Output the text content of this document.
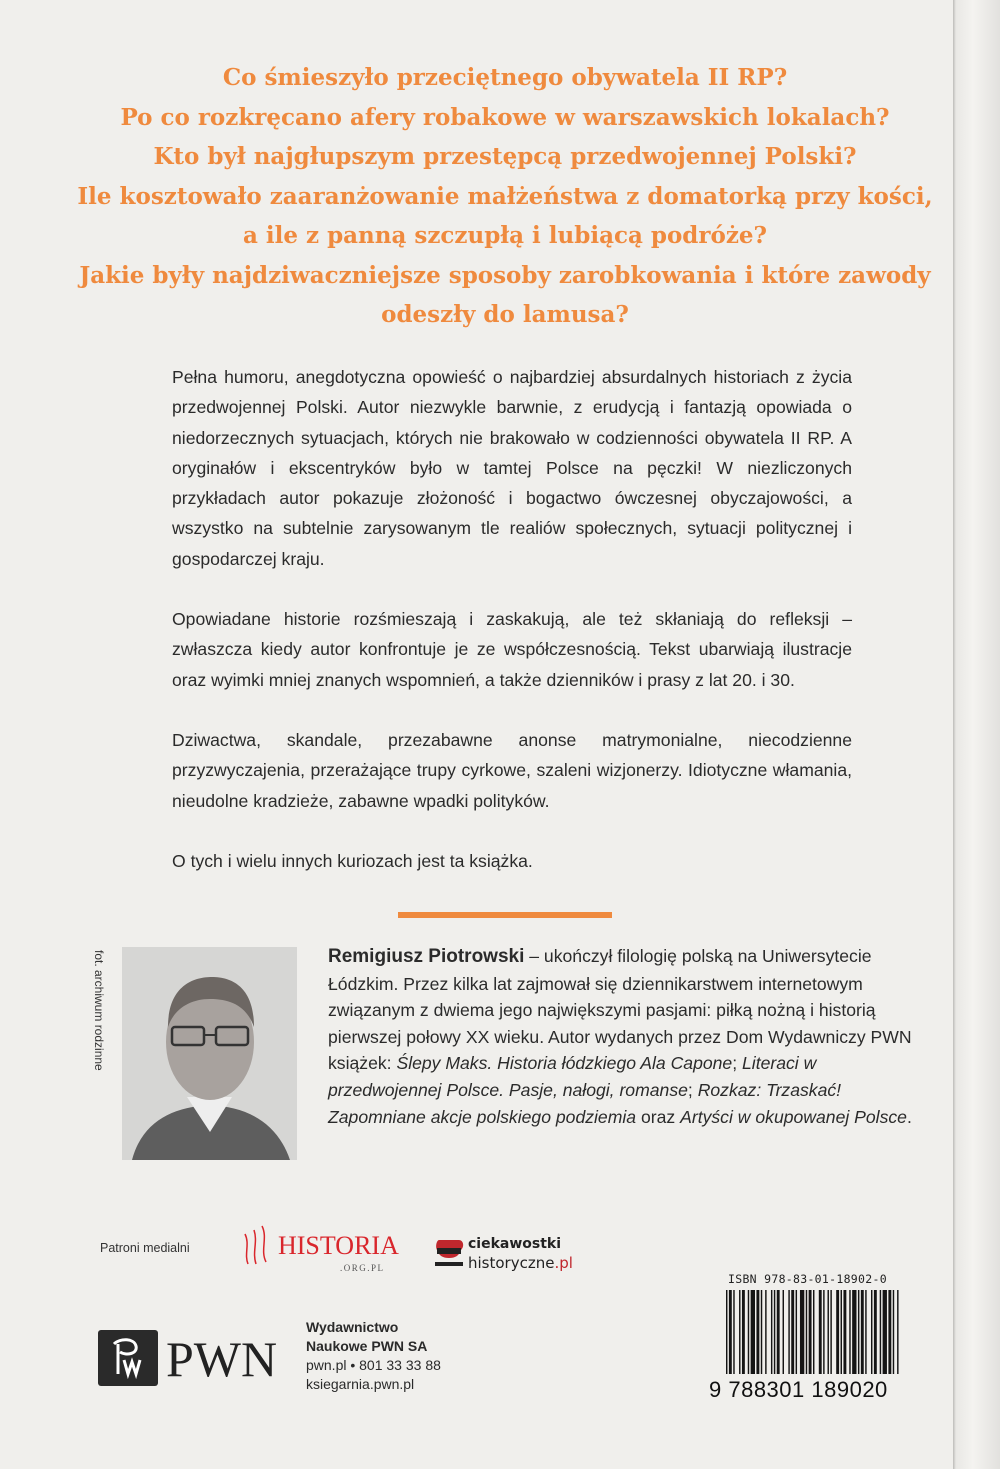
Co śmieszyło przeciętnego obywatela II RP?
Po co rozkręcano afery robakowe w warszawskich lokalach?
Kto był najgłupszym przestępcą przedwojennej Polski?
Ile kosztowało zaaranżowanie małżeństwa z domatorką przy kości,
a ile z panną szczupłą i lubiącą podróże?
Jakie były najdziwaczniejsze sposoby zarobkowania i które zawody
odeszły do lamusa?

Pełna humoru, anegdotyczna opowieść o najbardziej absurdalnych historiach z życia przedwojennej Polski. Autor niezwykle barwnie, z erudycją i fantazją opowiada o niedorzecznych sytuacjach, których nie brakowało w codzienności obywatela II RP. A oryginałów i ekscentryków było w tamtej Polsce na pęczki! W niezliczonych przykładach autor pokazuje złożoność i bogactwo ówczesnej obyczajowości, a wszystko na subtelnie zarysowanym tle realiów społecznych, sytuacji politycznej i gospodarczej kraju.

Opowiadane historie rozśmieszają i zaskakują, ale też skłaniają do refleksji – zwłaszcza kiedy autor konfrontuje je ze współczesnością. Tekst ubarwiają ilustracje oraz wyimki mniej znanych wspomnień, a także dzienników i prasy z lat 20. i 30.

Dziwactwa, skandale, przezabawne anonse matrymonialne, niecodzienne przyzwyczajenia, przerażające trupy cyrkowe, szaleni wizjonerzy. Idiotyczne włamania, nieudolne kradzieże, zabawne wpadki polityków.

O tych i wielu innych kuriozach jest ta książka.

fot. archiwum rodzinne	Remigiusz Piotrowski – ukończył filologię polską na Uniwersytecie Łódzkim. Przez kilka lat zajmował się dziennikarstwem internetowym związanym z dwiema jego największymi pasjami: piłką nożną i historią pierwszej połowy XX wieku. Autor wydanych przez Dom Wydawniczy PWN książek: Ślepy Maks. Historia łódzkiego Ala Capone; Literaci w przedwojennej Polsce. Pasje, nałogi, romanse; Rozkaz: Trzaskać! Zapomniane akcje polskiego podziemia oraz Artyści w okupowanej Polsce.
Patroni medialni	HISTORIA
.ORG.PL
ciekawostki
historyczne.pl
PWN
Wydawnictwo
Naukowe PWN SA
pwn.pl • 801 33 33 88
ksiegarnia.pwn.pl
ISBN 978-83-01-18902-0
9 788301 189020
